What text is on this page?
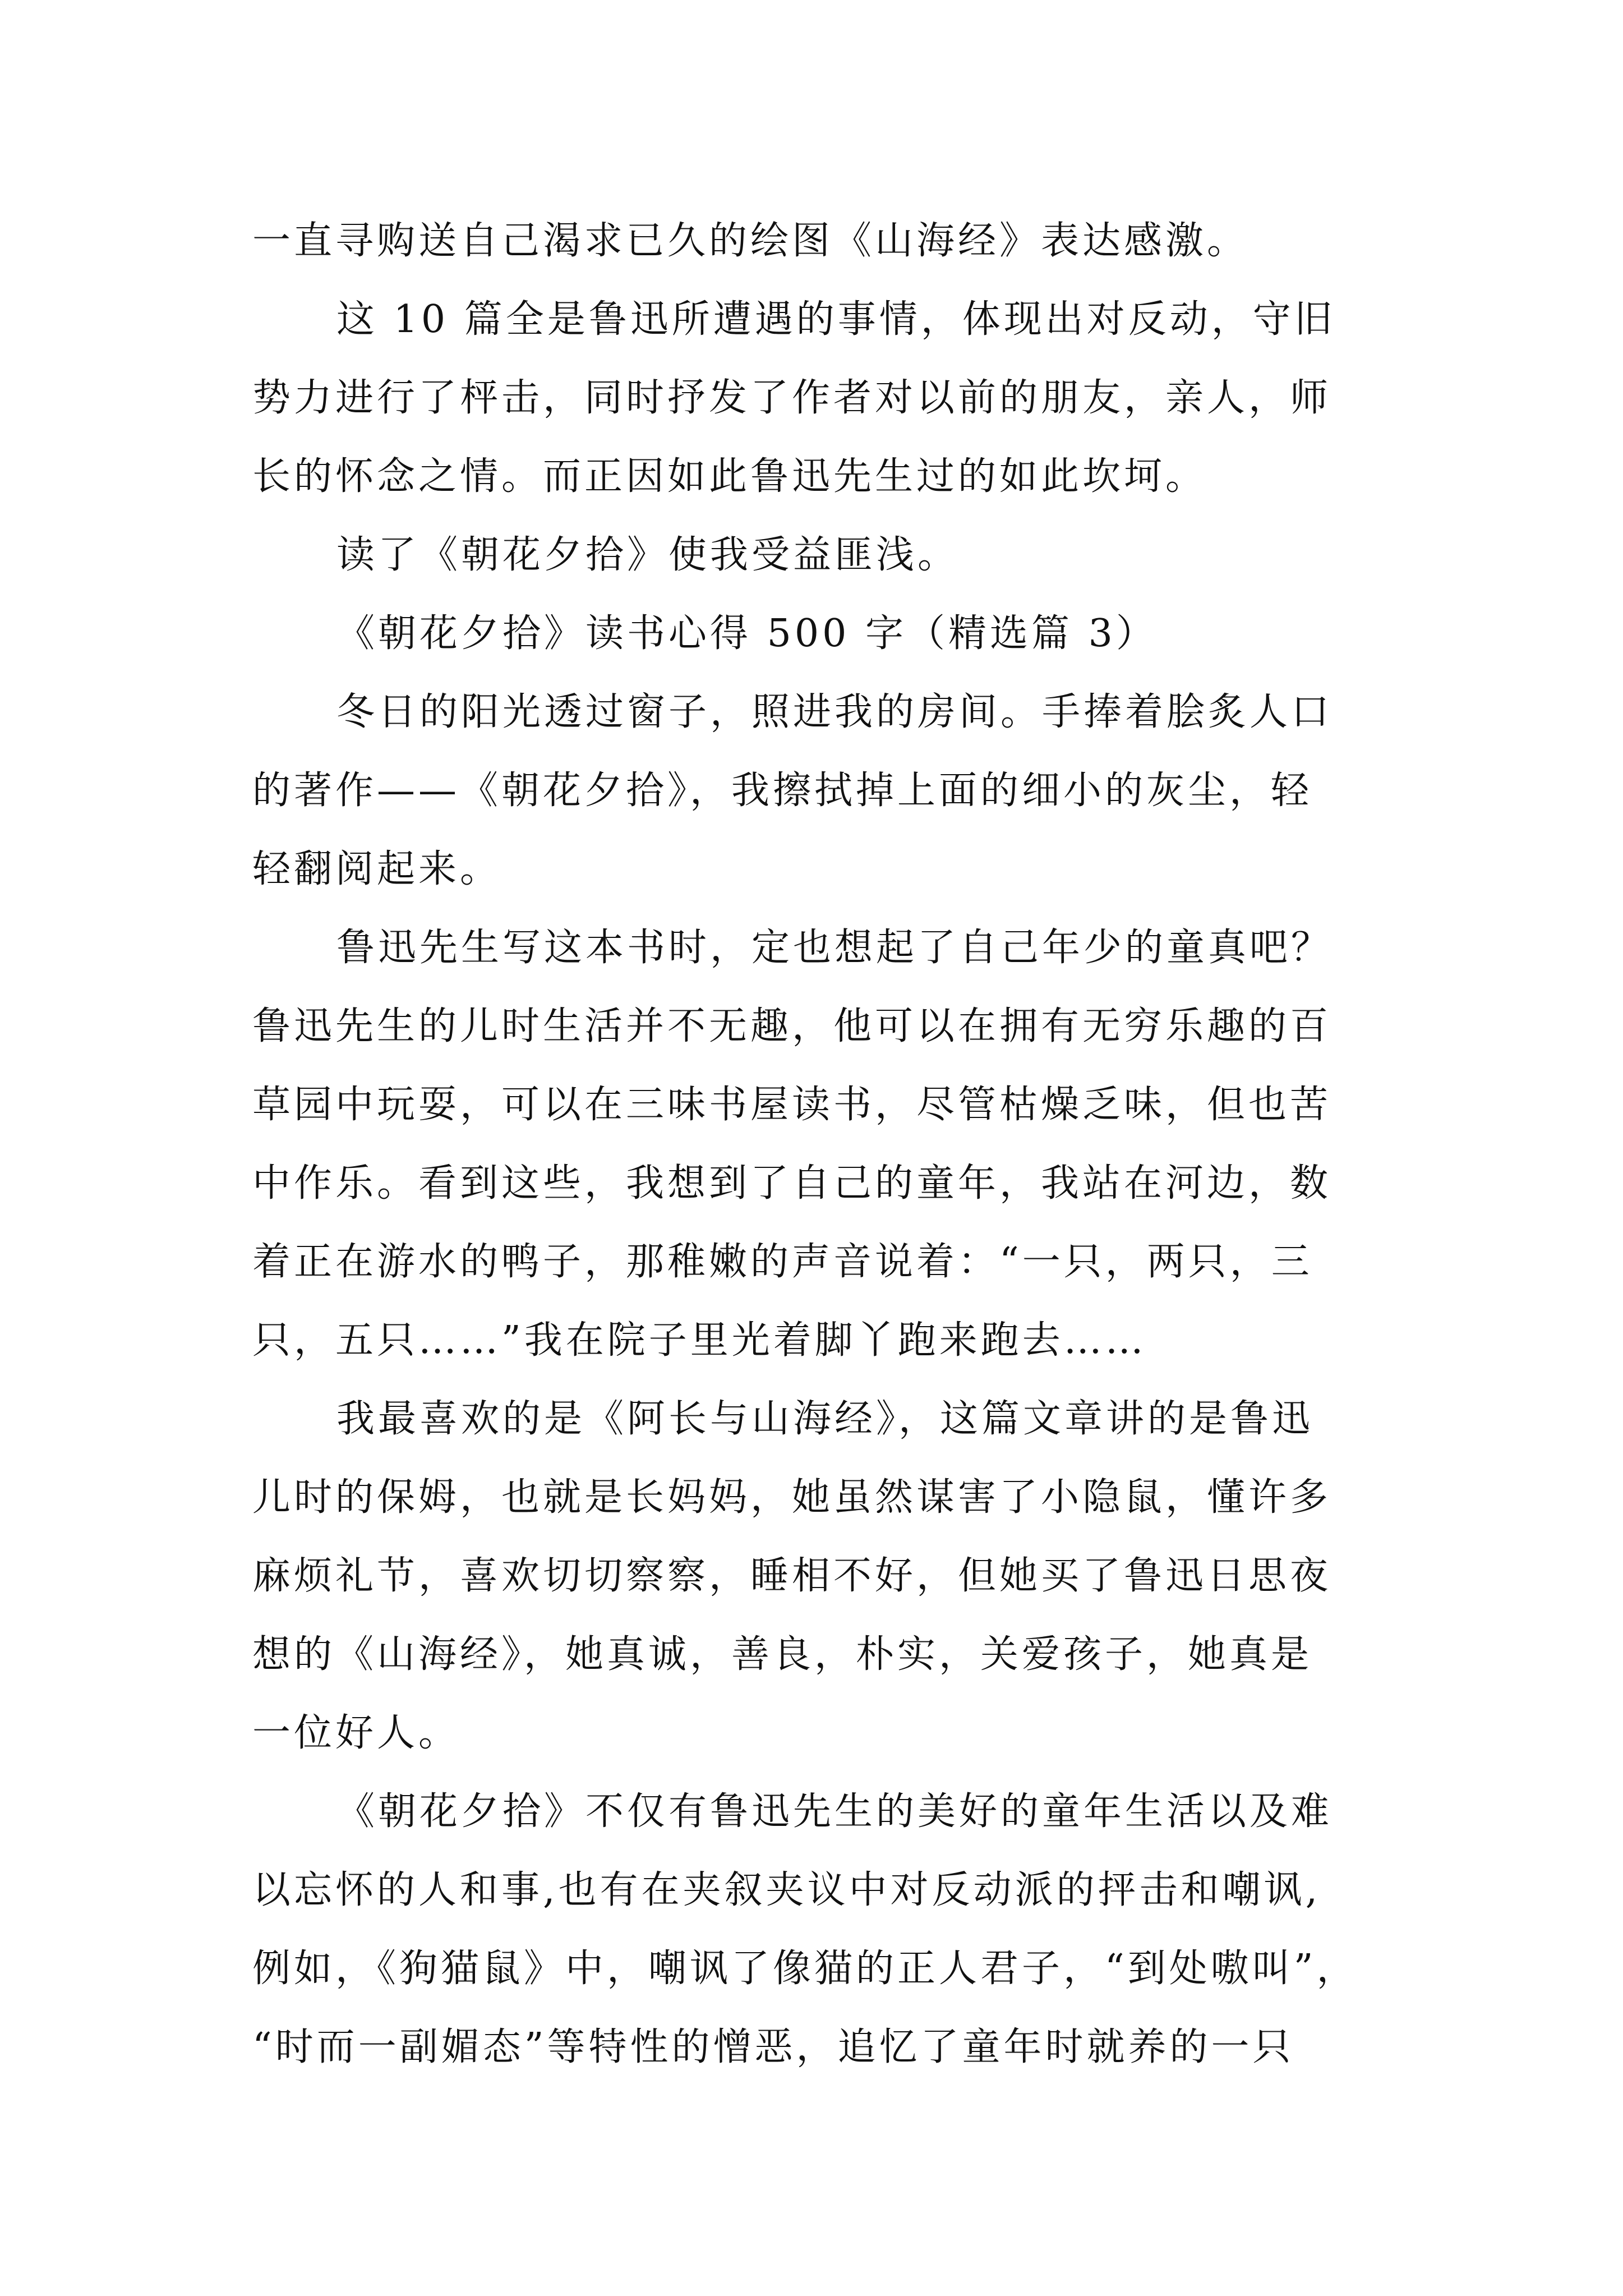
一直寻购送自己渴求已久的绘图《山海经》表达感激。
这 10 篇全是鲁迅所遭遇的事情，体现出对反动，守旧
势力进行了枰击，同时抒发了作者对以前的朋友，亲人，师
长的怀念之情。而正因如此鲁迅先生过的如此坎坷。
读了《朝花夕拾》使我受益匪浅。
《朝花夕拾》读书心得 500 字（精选篇 3）
冬日的阳光透过窗子，照进我的房间。手捧着脍炙人口
的著作——《朝花夕拾》，我擦拭掉上面的细小的灰尘，轻
轻翻阅起来。
鲁迅先生写这本书时，定也想起了自己年少的童真吧？
鲁迅先生的儿时生活并不无趣，他可以在拥有无穷乐趣的百
草园中玩耍，可以在三味书屋读书，尽管枯燥乏味，但也苦
中作乐。看到这些，我想到了自己的童年，我站在河边，数
着正在游水的鸭子，那稚嫩的声音说着：“一只，两只，三
只，五只……”我在院子里光着脚丫跑来跑去……
我最喜欢的是《阿长与山海经》，这篇文章讲的是鲁迅
儿时的保姆，也就是长妈妈，她虽然谋害了小隐鼠，懂许多
麻烦礼节，喜欢切切察察，睡相不好，但她买了鲁迅日思夜
想的《山海经》，她真诚，善良，朴实，关爱孩子，她真是
一位好人。
《朝花夕拾》不仅有鲁迅先生的美好的童年生活以及难
以忘怀的人和事,也有在夹叙夹议中对反动派的抨击和嘲讽,
例如，《狗猫鼠》中，嘲讽了像猫的正人君子，“到处嗷叫”，
“时而一副媚态”等特性的憎恶，追忆了童年时就养的一只
